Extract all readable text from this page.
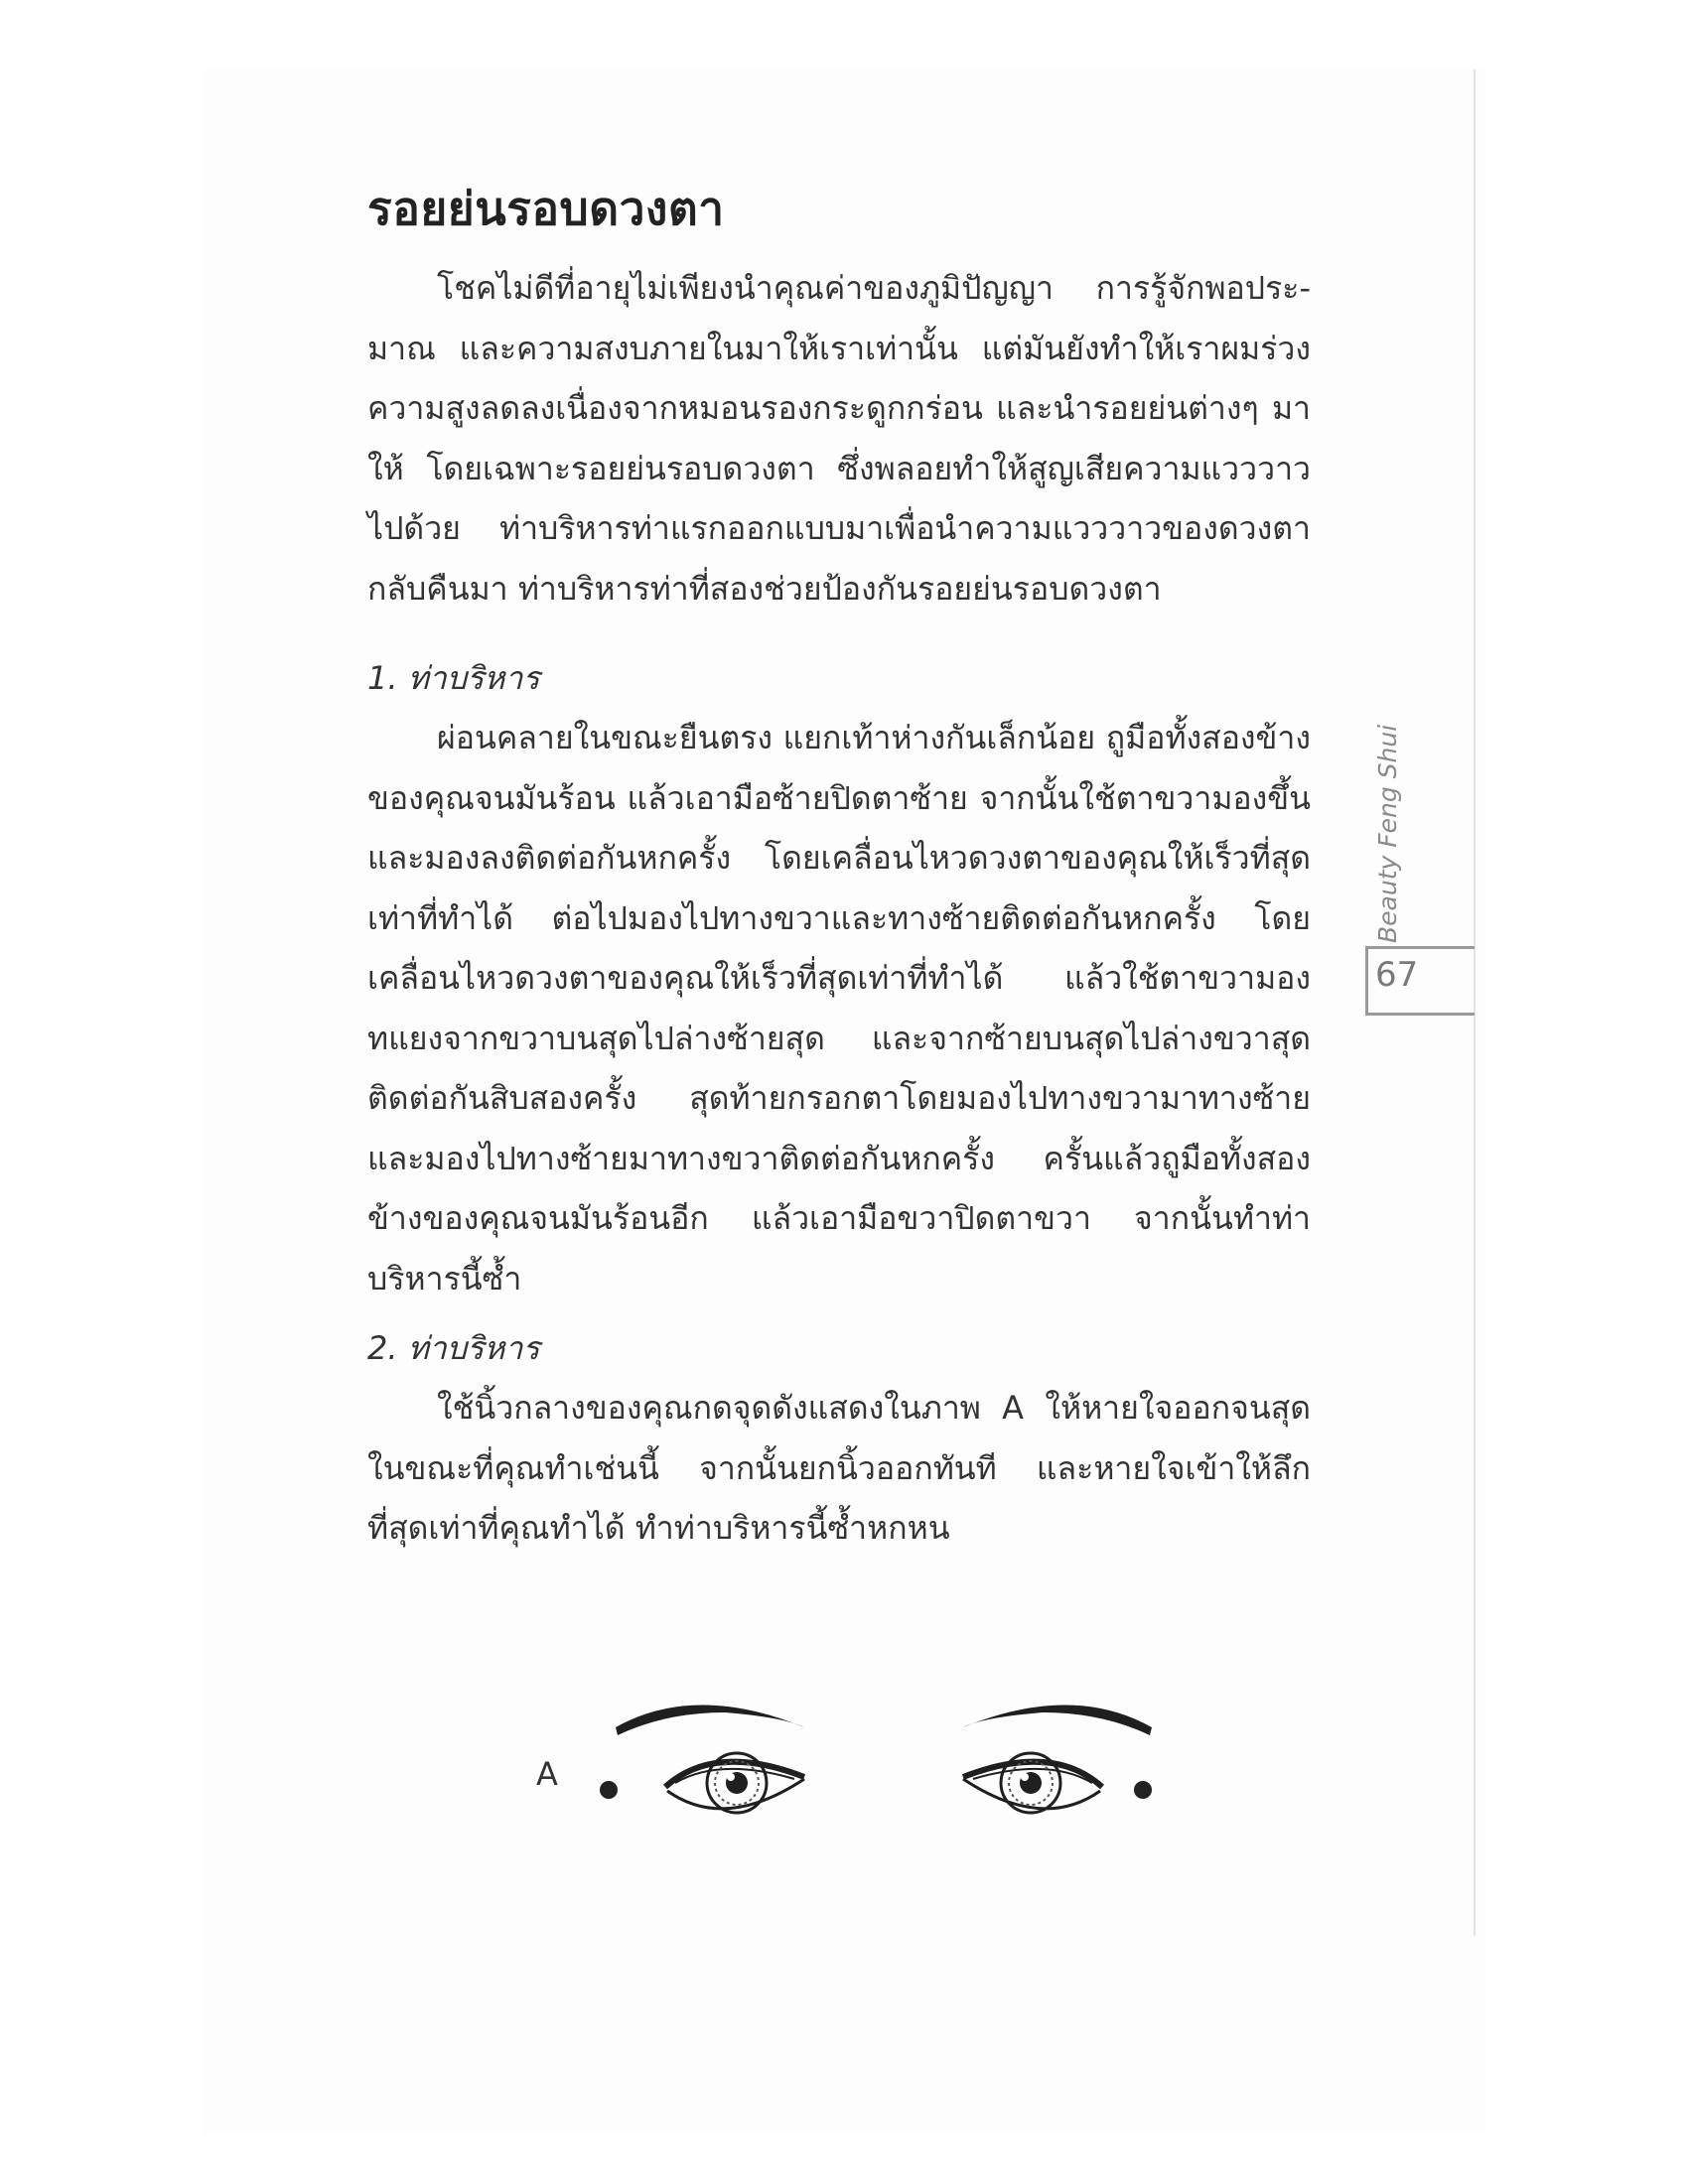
รอยย่นรอบดวงตา

โชคไม่ดีที่อายุไม่เพียงนำคุณค่าของภูมิปัญญา การรู้จักพอประ-มาณ และความสงบภายในมาให้เราเท่านั้น แต่มันยังทำให้เราผมร่วง ความสูงลดลงเนื่องจากหมอนรองกระดูกกร่อน และนำรอยย่นต่างๆ มาให้ โดยเฉพาะรอยย่นรอบดวงตา ซึ่งพลอยทำให้สูญเสียความแวววาวไปด้วย ท่าบริหารท่าแรกออกแบบมาเพื่อนำความแวววาวของดวงตากลับคืนมา ท่าบริหารท่าที่สองช่วยป้องกันรอยย่นรอบดวงตา

1. ท่าบริหาร

ผ่อนคลายในขณะยืนตรง แยกเท้าห่างกันเล็กน้อย ถูมือทั้งสองข้างของคุณจนมันร้อน แล้วเอามือซ้ายปิดตาซ้าย จากนั้นใช้ตาขวามองขึ้นและมองลงติดต่อกันหกครั้ง โดยเคลื่อนไหวดวงตาของคุณให้เร็วที่สุดเท่าที่ทำได้ ต่อไปมองไปทางขวาและทางซ้ายติดต่อกันหกครั้ง โดยเคลื่อนไหวดวงตาของคุณให้เร็วที่สุดเท่าที่ทำได้ แล้วใช้ตาขวามองทแยงจากขวาบนสุดไปล่างซ้ายสุด และจากซ้ายบนสุดไปล่างขวาสุดติดต่อกันสิบสองครั้ง สุดท้ายกรอกตาโดยมองไปทางขวามาทางซ้าย และมองไปทางซ้ายมาทางขวาติดต่อกันหกครั้ง ครั้นแล้วถูมือทั้งสองข้างของคุณจนมันร้อนอีก แล้วเอามือขวาปิดตาขวา จากนั้นทำท่าบริหารนี้ซ้ำ

2. ท่าบริหาร

ใช้นิ้วกลางของคุณกดจุดดังแสดงในภาพ A ให้หายใจออกจนสุดในขณะที่คุณทำเช่นนี้ จากนั้นยกนิ้วออกทันที และหายใจเข้าให้ลึกที่สุดเท่าที่คุณทำได้ ทำท่าบริหารนี้ซ้ำหกหน

Beauty Feng Shui
67
A
